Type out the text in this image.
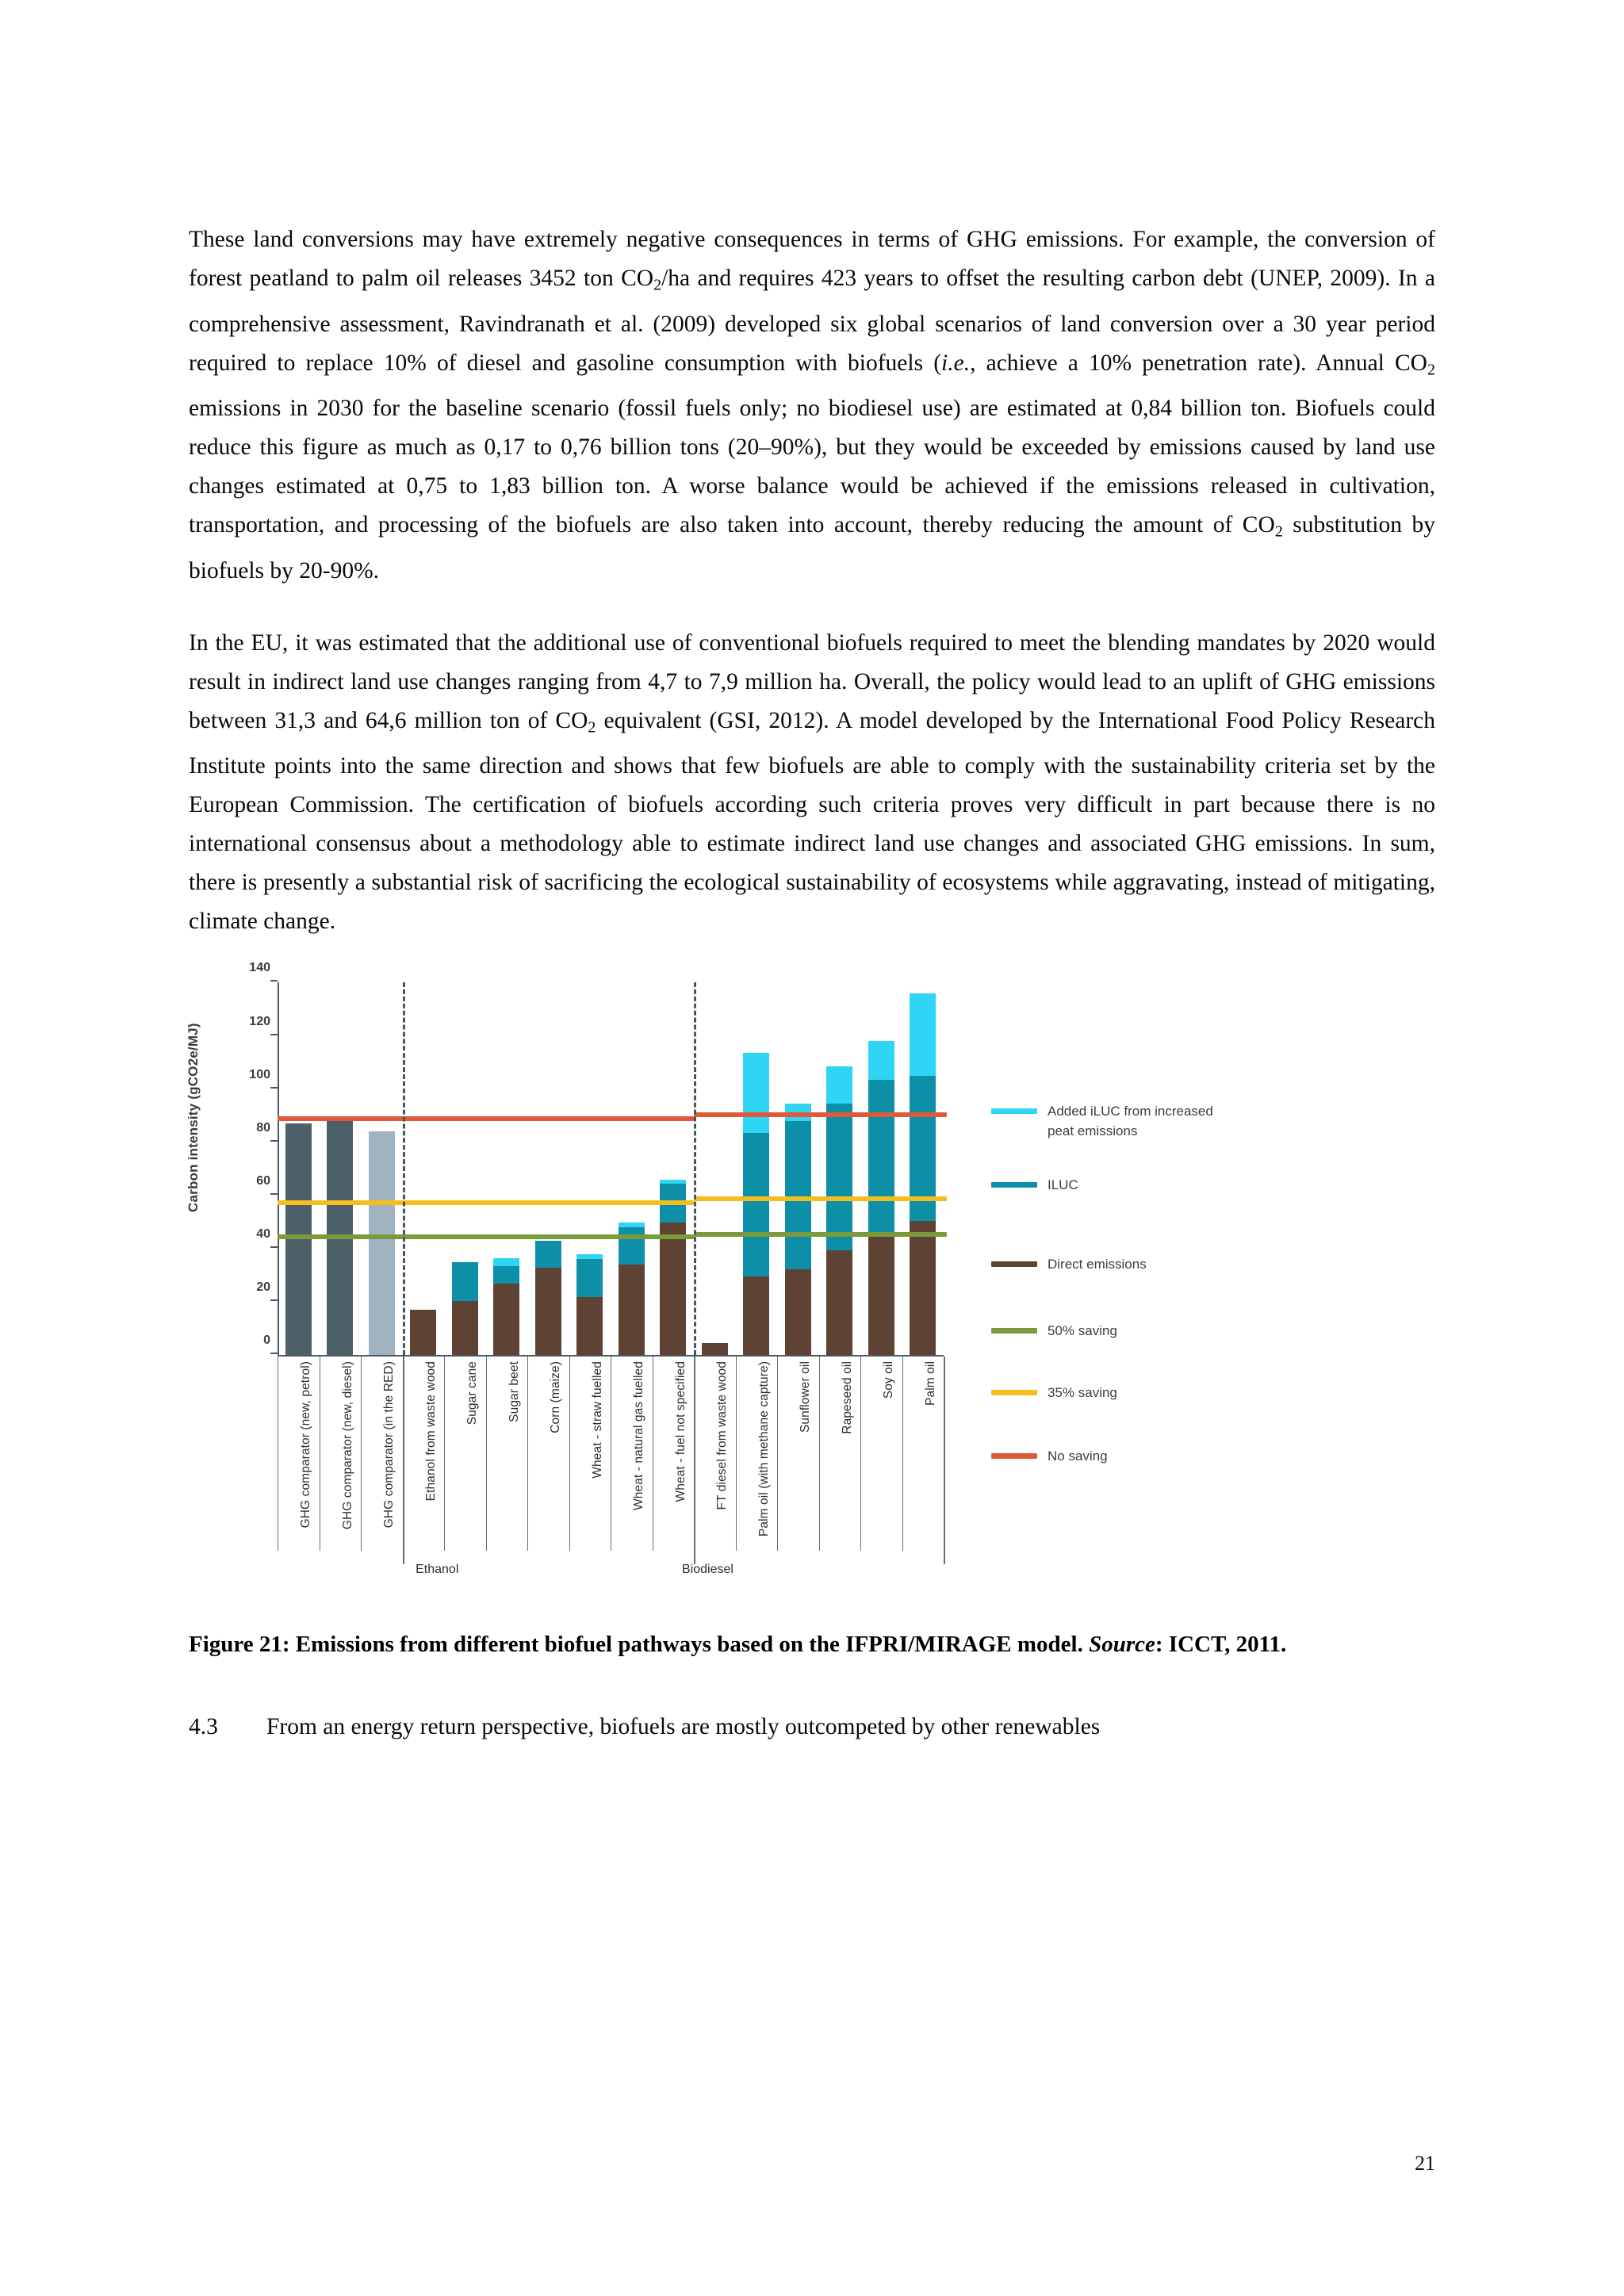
These land conversions may have extremely negative consequences in terms of GHG emissions. For example, the conversion of forest peatland to palm oil releases 3452 ton $CO_2/ha$ and requires 423 years to offset the resulting carbon debt (UNEP, 2009). In a comprehensive assessment, Ravindranath et al. (2009) developed six global scenarios of land conversion over a 30 year period required to replace 10% of diesel and gasoline consumption with biofuels (i.e., achieve a 10% penetration rate). Annual $CO_2$ emissions in 2030 for the baseline scenario (fossil fuels only; no biodiesel use) are estimated at 0,84 billion ton. Biofuels could reduce this figure as much as 0,17 to 0,76 billion tons (20–90%), but they would be exceeded by emissions caused by land use changes estimated at 0,75 to 1,83 billion ton. A worse balance would be achieved if the emissions released in cultivation, transportation, and processing of the biofuels are also taken into account, thereby reducing the amount of $CO_2$ substitution by biofuels by 20-90%.

In the EU, it was estimated that the additional use of conventional biofuels required to meet the blending mandates by 2020 would result in indirect land use changes ranging from 4,7 to 7,9 million ha. Overall, the policy would lead to an uplift of GHG emissions between 31,3 and 64,6 million ton of $CO_2$ equivalent (GSI, 2012). A model developed by the International Food Policy Research Institute points into the same direction and shows that few biofuels are able to comply with the sustainability criteria set by the European Commission. The certification of biofuels according such criteria proves very difficult in part because there is no international consensus about a methodology able to estimate indirect land use changes and associated GHG emissions. In sum, there is presently a substantial risk of sacrificing the ecological sustainability of ecosystems while aggravating, instead of mitigating, climate change.

Carbon intensity (gCO2e/MJ)
0
20
40
60
80
100
120
140
GHG comparator (new, petrol) GHG comparator (new, diesel) GHG comparator (in the RED) Ethanol from waste wood Sugar cane Sugar beet Corn (maize) Wheat - straw fuelled Wheat - natural gas fuelled Wheat - fuel not specified FT diesel from waste wood Palm oil (with methane capture) Sunflower oil Rapeseed oil Soy oil Palm oil
Added iLUC from increased peat emissions
ILUC
Direct emissions
50% saving
35% saving
No saving
Ethanol	Biodiesel

Figure 21: Emissions from different biofuel pathways based on the IFPRI/MIRAGE model. Source: ICCT, 2011.

4.3 From an energy return perspective, biofuels are mostly outcompeted by other renewables

21
